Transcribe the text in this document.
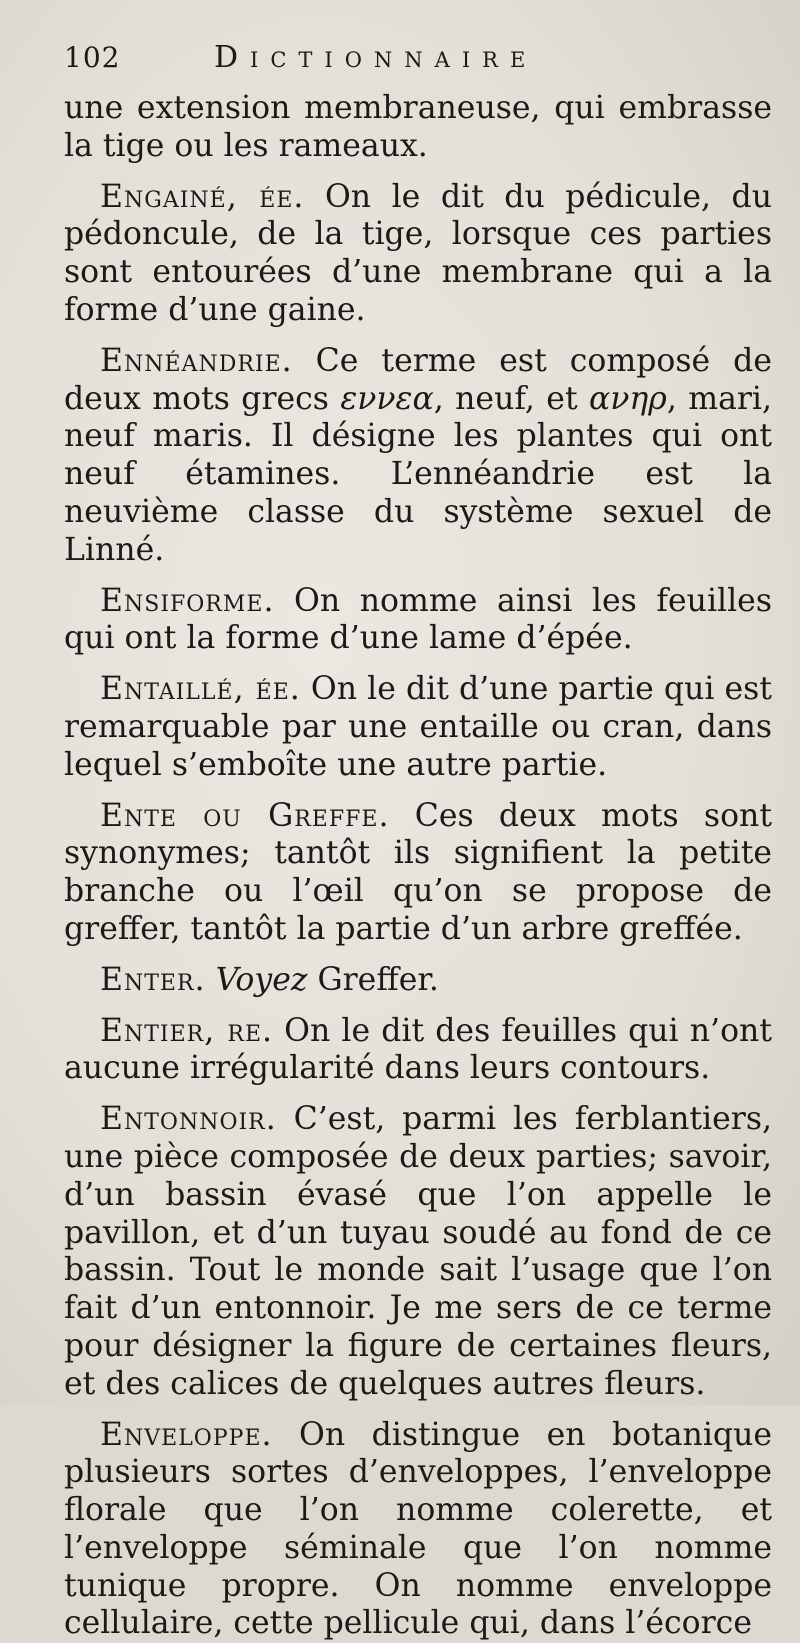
102	Dictionnaire

une extension membraneuse, qui embrasse la tige ou les rameaux.

Engainé, ée. On le dit du pédicule, du pédoncule, de la tige, lorsque ces parties sont entourées d’une membrane qui a la forme d’une gaine.

Ennéandrie. Ce terme est composé de deux mots grecs εννεα, neuf, et ανηρ, mari, neuf maris. Il désigne les plantes qui ont neuf étamines. L’ennéandrie est la neuvième classe du système sexuel de Linné.

Ensiforme. On nomme ainsi les feuilles qui ont la forme d’une lame d’épée.

Entaillé, ée. On le dit d’une partie qui est remarquable par une entaille ou cran, dans lequel s’emboîte une autre partie.

Ente ou Greffe. Ces deux mots sont synonymes; tantôt ils signifient la petite branche ou l’œil qu’on se propose de greffer, tantôt la partie d’un arbre greffée.

Enter. Voyez Greffer.

Entier, re. On le dit des feuilles qui n’ont aucune irrégularité dans leurs contours.

Entonnoir. C’est, parmi les ferblantiers, une pièce composée de deux parties; savoir, d’un bassin évasé que l’on appelle le pavillon, et d’un tuyau soudé au fond de ce bassin. Tout le monde sait l’usage que l’on fait d’un entonnoir. Je me sers de ce terme pour désigner la figure de certaines fleurs, et des calices de quelques autres fleurs.

Enveloppe. On distingue en botanique plusieurs sortes d’enveloppes, l’enveloppe florale que l’on nomme colerette, et l’enveloppe séminale que l’on nomme tunique propre. On nomme enveloppe cellulaire, cette pellicule qui, dans l’écorce
